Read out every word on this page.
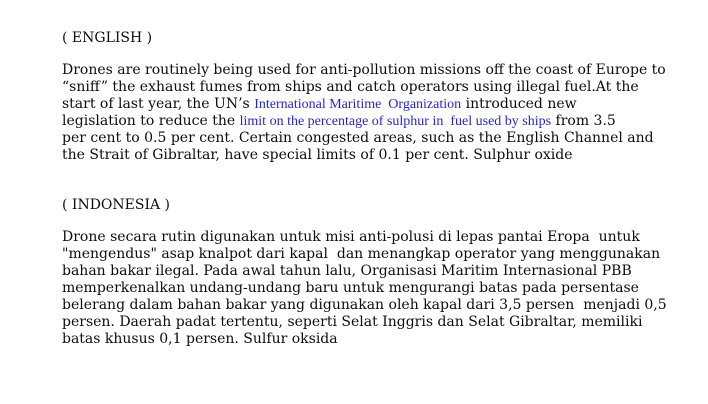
( ENGLISH )
Drones are routinely being used for anti-pollution missions off the coast of Europe to
“sniff” the exhaust fumes from ships and catch operators using illegal fuel.At the
start of last year, the UN’s International Maritime  Organization introduced new
legislation to reduce the limit on the percentage of sulphur in  fuel used by ships from 3.5
per cent to 0.5 per cent. Certain congested areas, such as the English Channel and
the Strait of Gibraltar, have special limits of 0.1 per cent. Sulphur oxide
( INDONESIA )
Drone secara rutin digunakan untuk misi anti-polusi di lepas pantai Eropa  untuk
"mengendus" asap knalpot dari kapal  dan menangkap operator yang menggunakan
bahan bakar ilegal. Pada awal tahun lalu, Organisasi Maritim Internasional PBB
memperkenalkan undang-undang baru untuk mengurangi batas pada persentase
belerang dalam bahan bakar yang digunakan oleh kapal dari 3,5 persen  menjadi 0,5
persen. Daerah padat tertentu, seperti Selat Inggris dan Selat Gibraltar, memiliki
batas khusus 0,1 persen. Sulfur oksida
